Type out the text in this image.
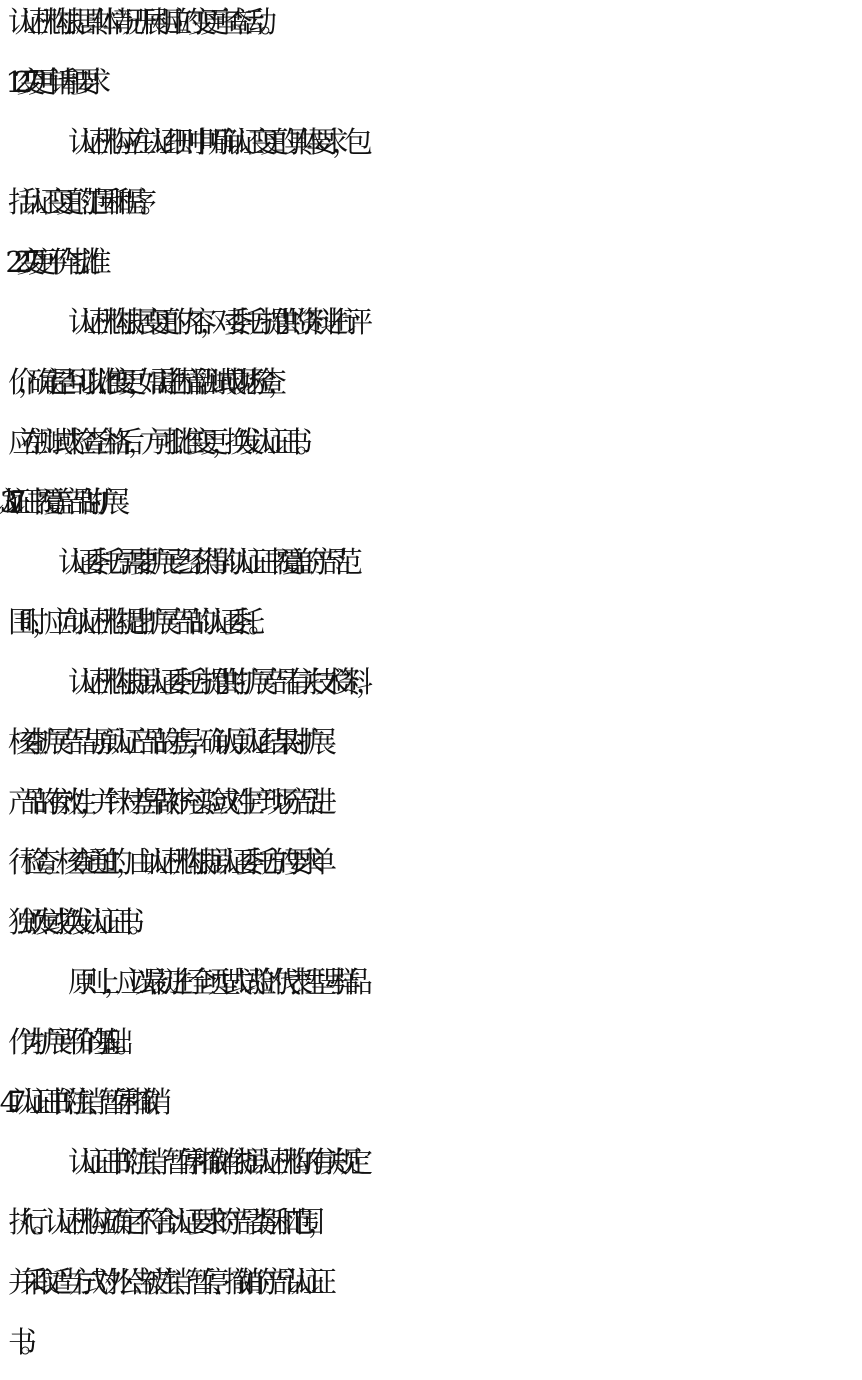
认证机构根据具体情况开展相应的变更审查活动。
7.2.1　变更申请和要求
认证机构应在认证细则中明确认证变更的具体要求，包
括认证变更的范围和程序。
7.2.2　变更评价与批准
认证机构根据变更的内容，对委托方提供的资料进行评
价，确定是否可以批准变更，如需进行样品测试或现场检查，
应在测试或检查合格后，方可批准变更，换发认证证书。
7.3 认证证书覆盖产品的扩展
认证委托方需要扩展已经获得的认证证书覆盖的产品范
围时，应向认证机构提出扩展产品的认证委托。
认证机构根据认证委托方提供的扩展产品有关技术资料，
核查扩展产品与原认证产品的差异，确认原认证结果对扩展
产品的有效性，并针对差异做补充实验或对生产现场产品进
行检查。核查通过的，由认证机构根据认证委托方的要求单
独颁发或换发认证证书。
原则上，应以最初进行全项型式试验的代表性型号样品
作为扩展评价的基础。
7.4　认证证书的注销、暂停和撤销
认证证书的注销、暂停和撤销依据认证机构的有关规定
执行。认证机构应确定不符合认证要求的产品类别和范围，
并采取适当方式对外公告被注销、暂停、撤销的产品认证证
书。
